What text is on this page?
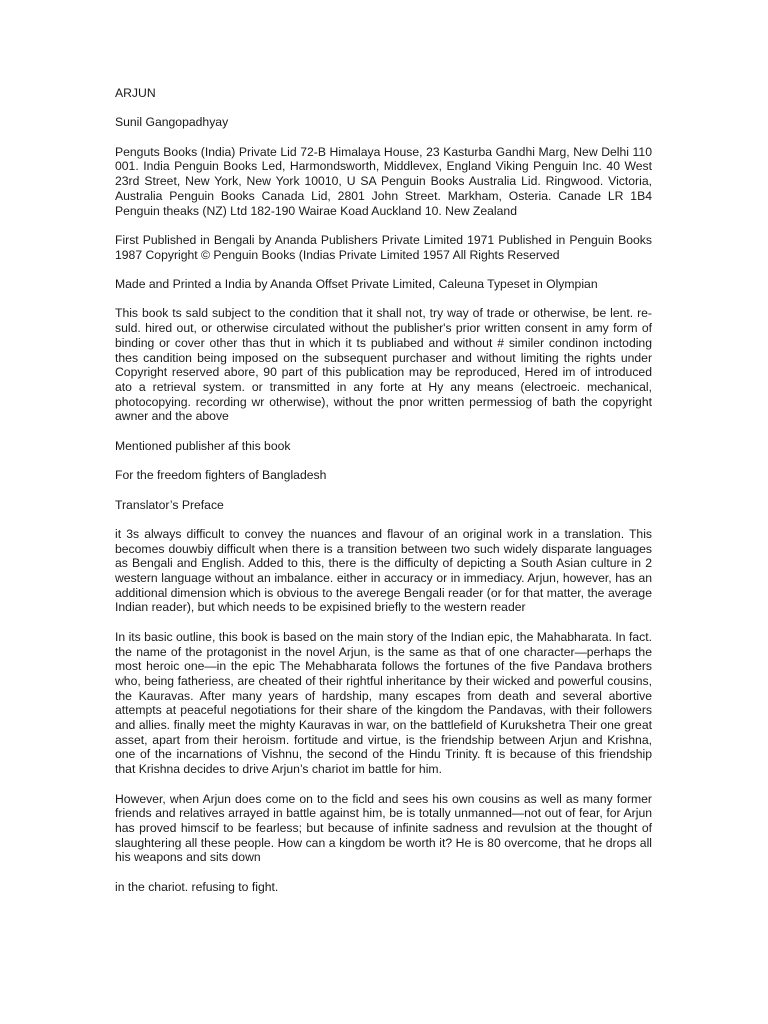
ARJUN

Sunil Gangopadhyay

Penguts Books (India) Private Lid 72-B Himalaya House, 23 Kasturba Gandhi Marg, New Delhi 110 001. India Penguin Books Led, Harmondsworth, Middlevex, England Viking Penguin Inc. 40 West 23rd Street, New York, New York 10010, U SA Penguin Books Australia Lid. Ringwood. Victoria, Australia Penguin Books Canada Lid, 2801 John Street. Markham, Osteria. Canade LR 1B4 Penguin theaks (NZ) Ltd 182-190 Wairae Koad Auckland 10. New Zealand

First Published in Bengali by Ananda Publishers Private Limited 1971 Published in Penguin Books 1987 Copyright © Penguin Books (Indias Private Limited 1957 All Rights Reserved

Made and Printed a India by Ananda Offset Private Limited, Caleuna Typeset in Olympian

This book ts sald subject to the condition that it shall not, try way of trade or otherwise, be lent. re-suld. hired out, or otherwise circulated without the publisher's prior written consent in amy form of binding or cover other thas thut in which it ts publiabed and without # similer condinon inctoding thes candition being imposed on the subsequent purchaser and without limiting the rights under Copyright reserved abore, 90 part of this publication may be reproduced, Hered im of introduced ato a retrieval system. or transmitted in any forte at Hy any means (electroeic. mechanical, photocopying. recording wr otherwise), without the pnor written permessiog of bath the copyright awner and the above

Mentioned publisher af this book

For the freedom fighters of Bangladesh

Translator’s Preface

it 3s always difficult to convey the nuances and flavour of an original work in a translation. This becomes douwbiy difficult when there is a transition between two such widely disparate languages as Bengali and English. Added to this, there is the difficulty of depicting a South Asian culture in 2 western language without an imbalance. either in accuracy or in immediacy. Arjun, however, has an additional dimension which is obvious to the averege Bengali reader (or for that matter, the average Indian reader), but which needs to be expisined briefly to the western reader

In its basic outline, this book is based on the main story of the Indian epic, the Mahabharata. In fact. the name of the protagonist in the novel Arjun, is the same as that of one character—perhaps the most heroic one—in the epic The Mehabharata follows the fortunes of the five Pandava brothers who, being fatheriess, are cheated of their rightful inheritance by their wicked and powerful cousins, the Kauravas. After many years of hardship, many escapes from death and several abortive attempts at peaceful negotiations for their share of the kingdom the Pandavas, with their followers and allies. finally meet the mighty Kauravas in war, on the battlefield of Kurukshetra Their one great asset, apart from their heroism. fortitude and virtue, is the friendship between Arjun and Krishna, one of the incarnations of Vishnu, the second of the Hindu Trinity. ft is because of this friendship that Krishna decides to drive Arjun’s chariot im battle for him.

However, when Arjun does come on to the ficld and sees his own cousins as well as many former friends and relatives arrayed in battle against him, be is totally unmanned—not out of fear, for Arjun has proved himscif to be fearless; but because of infinite sadness and revulsion at the thought of slaughtering all these people. How can a kingdom be worth it? He is 80 overcome, that he drops all his weapons and sits down

in the chariot. refusing to fight.
